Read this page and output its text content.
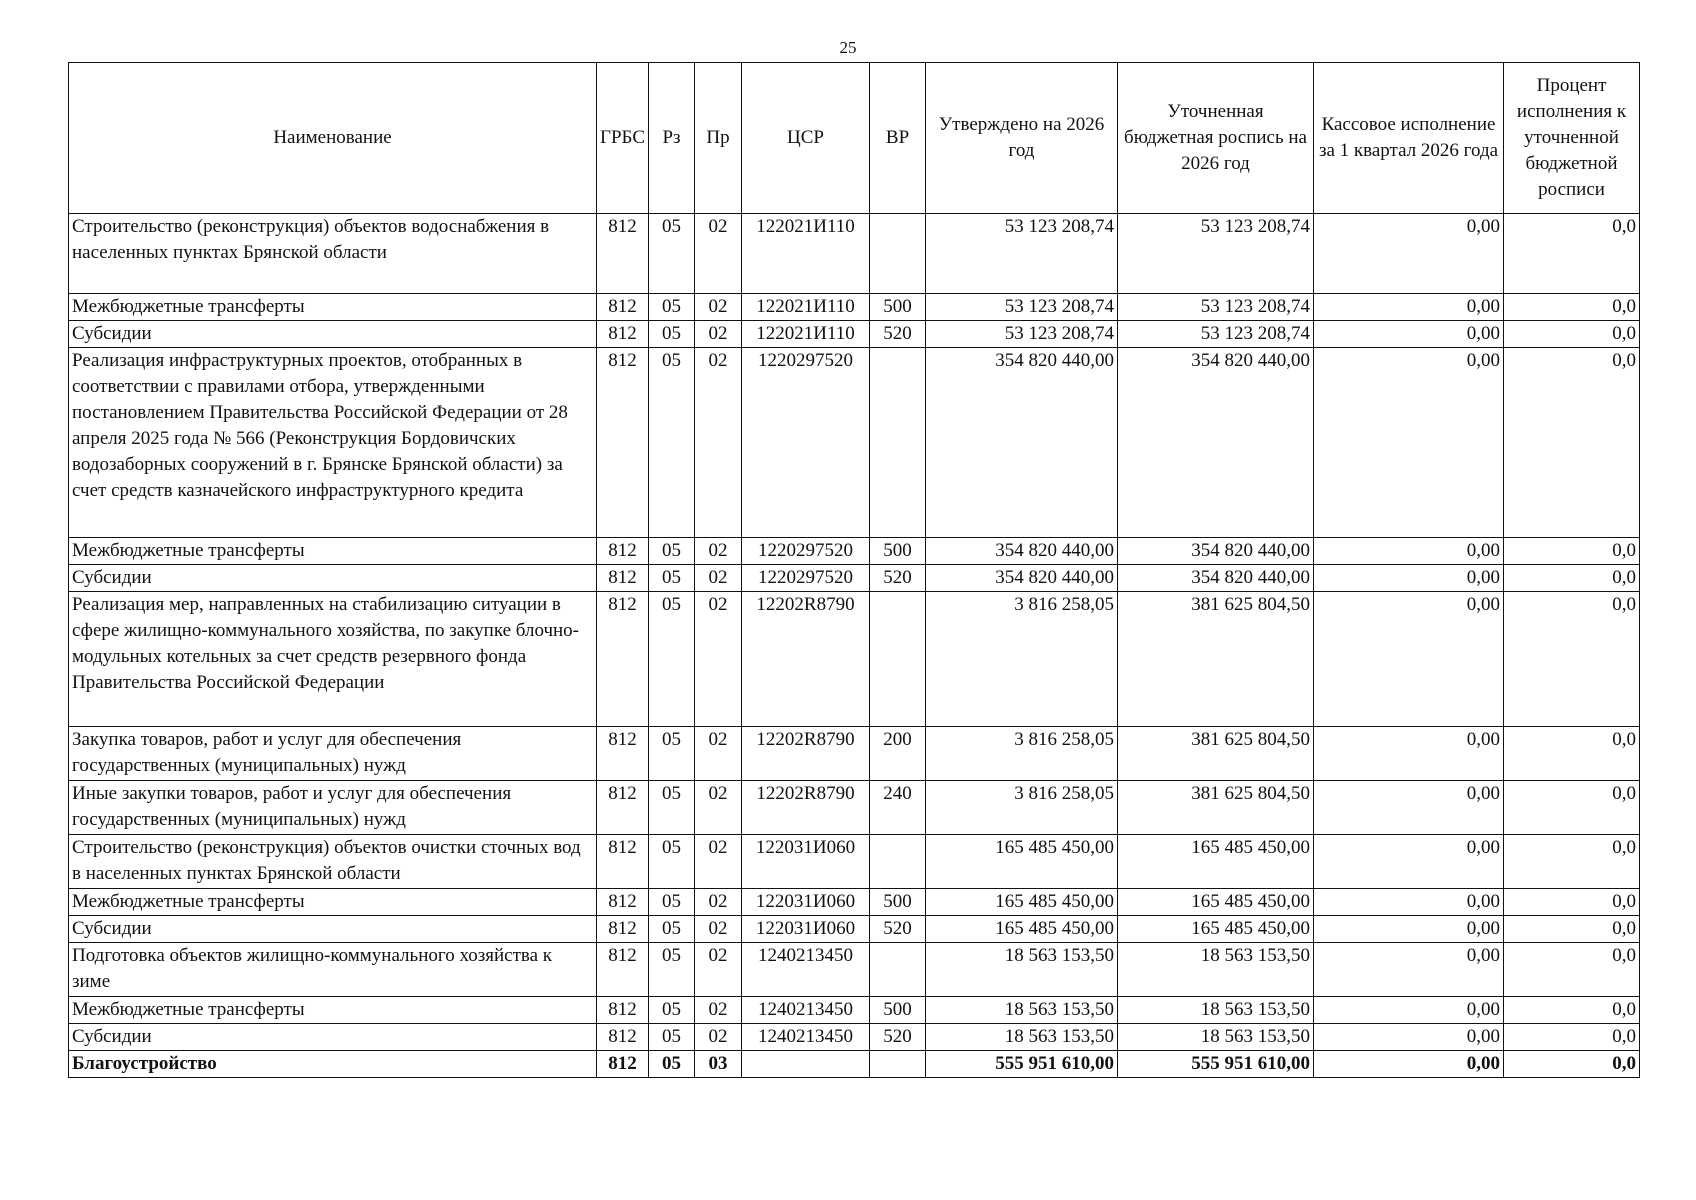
25
Наименование	ГРБС	Рз	Пр	ЦСР	ВР	Утверждено на 2026 год	Уточненная бюджетная роспись на 2026 год	Кассовое исполнение за 1 квартал 2026 года	Процент исполнения к уточненной бюджетной росписи
Строительство (реконструкция) объектов водоснабжения в населенных пунктах Брянской области	812	05	02	122021И110		53 123 208,74	53 123 208,74	0,00	0,0
Межбюджетные трансферты	812	05	02	122021И110	500	53 123 208,74	53 123 208,74	0,00	0,0
Субсидии	812	05	02	122021И110	520	53 123 208,74	53 123 208,74	0,00	0,0
Реализация инфраструктурных проектов, отобранных в соответствии с правилами отбора, утвержденными постановлением Правительства Российской Федерации от 28 апреля 2025 года № 566 (Реконструкция Бордовичских водозаборных сооружений в г. Брянске Брянской области) за счет средств казначейского инфраструктурного кредита	812	05	02	1220297520		354 820 440,00	354 820 440,00	0,00	0,0
Межбюджетные трансферты	812	05	02	1220297520	500	354 820 440,00	354 820 440,00	0,00	0,0
Субсидии	812	05	02	1220297520	520	354 820 440,00	354 820 440,00	0,00	0,0
Реализация мер, направленных на стабилизацию ситуации в сфере жилищно-коммунального хозяйства, по закупке блочно-модульных котельных за счет средств резервного фонда Правительства Российской Федерации	812	05	02	12202R8790		3 816 258,05	381 625 804,50	0,00	0,0
Закупка товаров, работ и услуг для обеспечения государственных (муниципальных) нужд	812	05	02	12202R8790	200	3 816 258,05	381 625 804,50	0,00	0,0
Иные закупки товаров, работ и услуг для обеспечения государственных (муниципальных) нужд	812	05	02	12202R8790	240	3 816 258,05	381 625 804,50	0,00	0,0
Строительство (реконструкция) объектов очистки сточных вод в населенных пунктах Брянской области	812	05	02	122031И060		165 485 450,00	165 485 450,00	0,00	0,0
Межбюджетные трансферты	812	05	02	122031И060	500	165 485 450,00	165 485 450,00	0,00	0,0
Субсидии	812	05	02	122031И060	520	165 485 450,00	165 485 450,00	0,00	0,0
Подготовка объектов жилищно-коммунального хозяйства к зиме	812	05	02	1240213450		18 563 153,50	18 563 153,50	0,00	0,0
Межбюджетные трансферты	812	05	02	1240213450	500	18 563 153,50	18 563 153,50	0,00	0,0
Субсидии	812	05	02	1240213450	520	18 563 153,50	18 563 153,50	0,00	0,0
Благоустройство	812	05	03			555 951 610,00	555 951 610,00	0,00	0,0
